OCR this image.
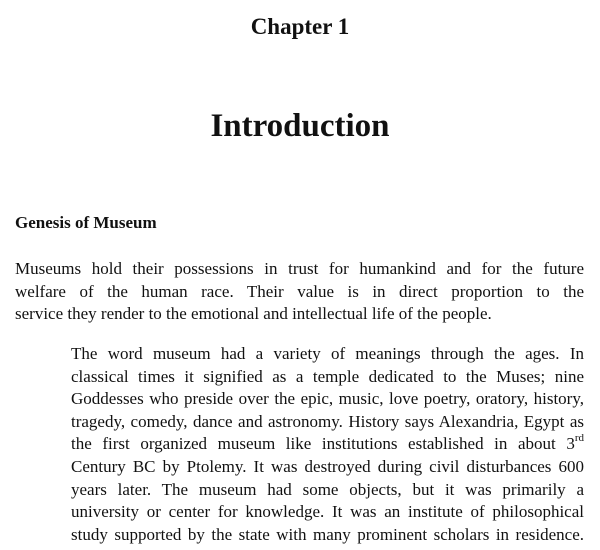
Chapter 1
Introduction
Genesis of Museum
Museums hold their possessions in trust for humankind and for the future
welfare of the human race. Their value is in direct proportion to the
service they render to the emotional and intellectual life of the people.
The word museum had a variety of meanings through the ages. In
classical times it signified as a temple dedicated to the Muses; nine
Goddesses who preside over the epic, music, love poetry, oratory, history,
tragedy, comedy, dance and astronomy. History says Alexandria, Egypt as
the first organized museum like institutions established in about 3rd
Century BC by Ptolemy. It was destroyed during civil disturbances 600
years later. The museum had some objects, but it was primarily a
university or center for knowledge. It was an institute of philosophical
study supported by the state with many prominent scholars in residence.
